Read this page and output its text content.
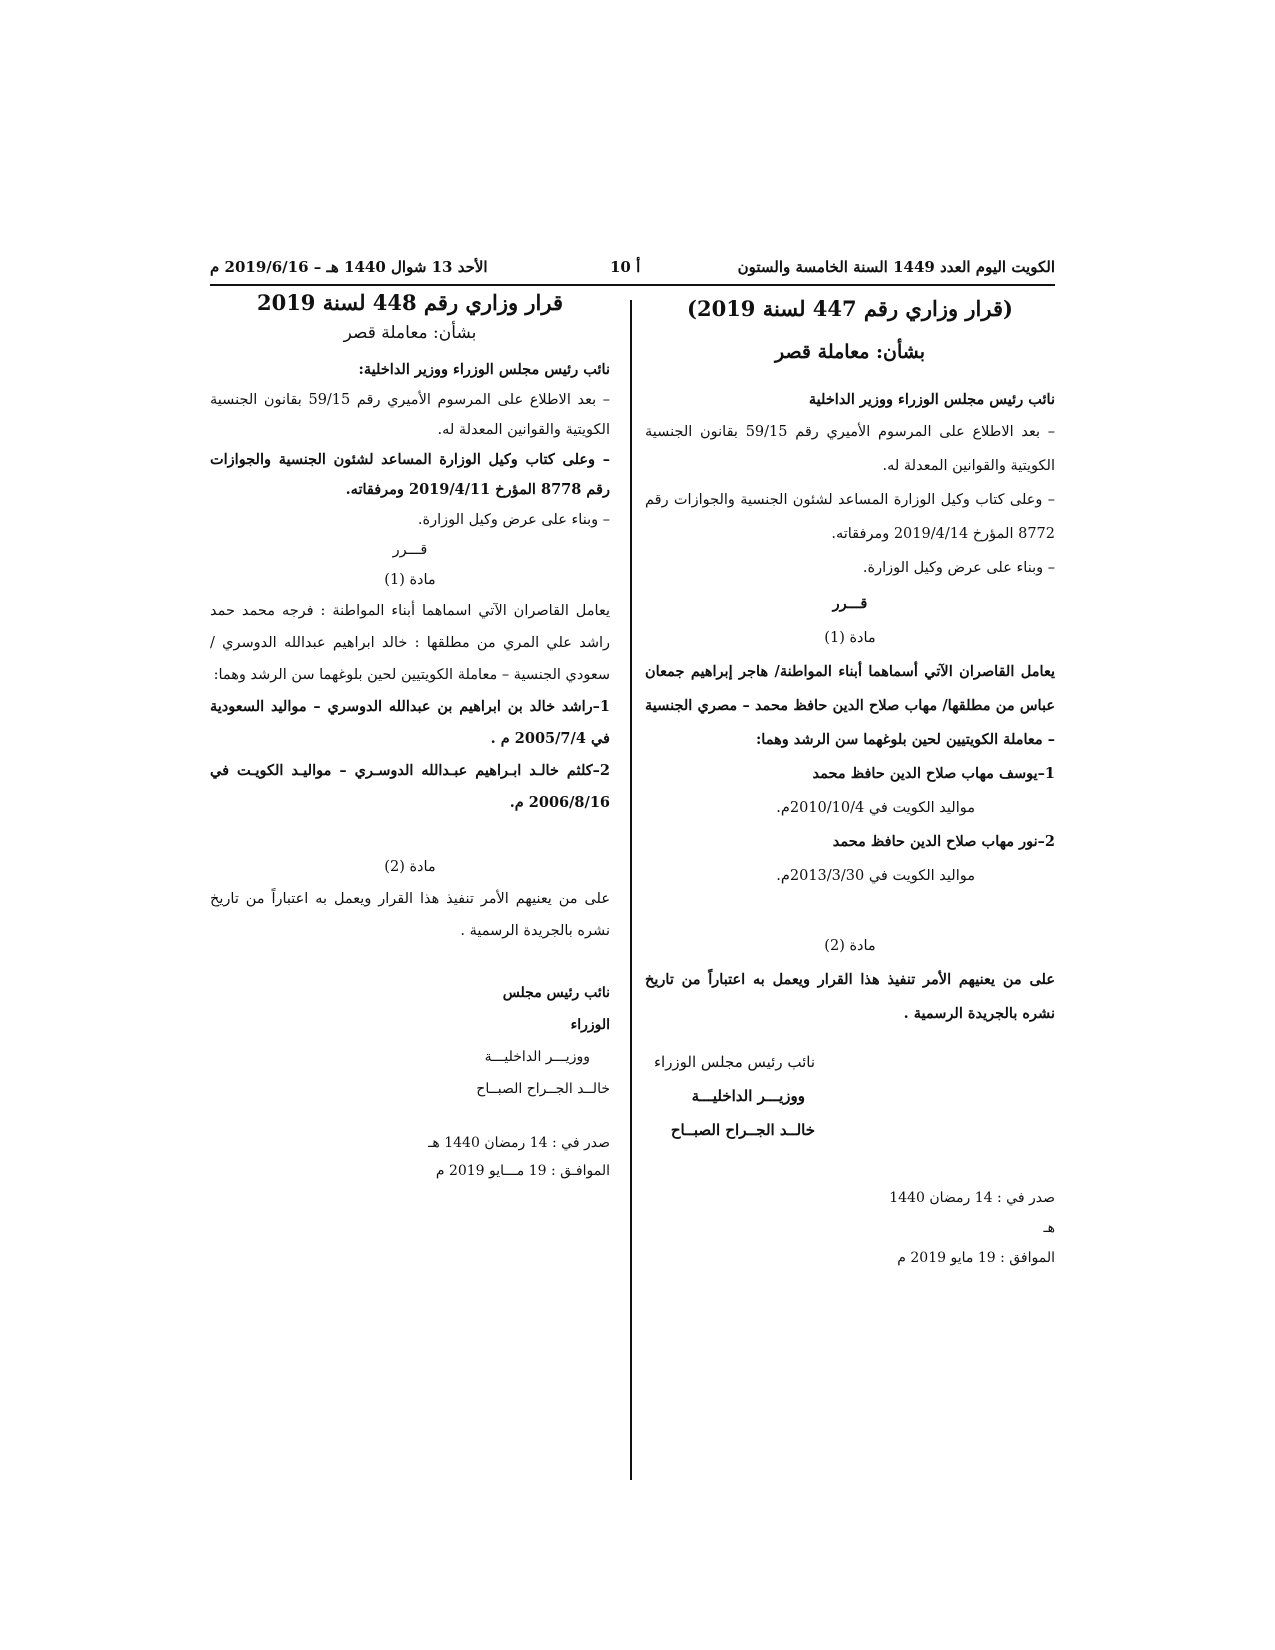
الكويت اليوم العدد 1449 السنة الخامسة والستون
أ 10
الأحد 13 شوال 1440 هـ – 2019/6/16 م

(قرار وزاري رقم 447 لسنة 2019)

بشأن: معاملة قصر

نائب رئيس مجلس الوزراء ووزير الداخلية

– بعد الاطلاع على المرسوم الأميري رقم 59/15 بقانون الجنسية الكويتية والقوانين المعدلة له.

– وعلى كتاب وكيل الوزارة المساعد لشئون الجنسية والجوازات رقم 8772 المؤرخ 2019/4/14 ومرفقاته.

– وبناء على عرض وكيل الوزارة.

قـــرر

مادة (1)

يعامل القاصران الآتي أسماهما أبناء المواطنة/ هاجر إبراهيم جمعان عباس من مطلقها/ مهاب صلاح الدين حافظ محمد – مصري الجنسية – معاملة الكويتيين لحين بلوغهما سن الرشد وهما:

1–يوسف مهاب صلاح الدين حافظ محمد

مواليد الكويت في 2010/10/4م.

2–نور مهاب صلاح الدين حافظ محمد

مواليد الكويت في 2013/3/30م.

مادة (2)

على من يعنيهم الأمر تنفيذ هذا القرار ويعمل به اعتباراً من تاريخ نشره بالجريدة الرسمية .

نائب رئيس مجلس الوزراء

ووزيـــر الداخليـــة

خالــد الجــراح الصبــاح

صدر في : 14 رمضان 1440 هـ

الموافق : 19 مايو 2019 م

قرار وزاري رقم 448 لسنة 2019

بشأن: معاملة قصر

نائب رئيس مجلس الوزراء ووزير الداخلية:

– بعد الاطلاع على المرسوم الأميري رقم 59/15 بقانون الجنسية الكويتية والقوانين المعدلة له.

– وعلى كتاب وكيل الوزارة المساعد لشئون الجنسية والجوازات رقم 8778 المؤرخ 2019/4/11 ومرفقاته.

– وبناء على عرض وكيل الوزارة.

قـــرر

مادة (1)

يعامل القاصران الآتي اسماهما أبناء المواطنة : فرجه محمد حمد راشد علي المري من مطلقها : خالد ابراهيم عبدالله الدوسري / سعودي الجنسية – معاملة الكويتيين لحين بلوغهما سن الرشد وهما:

1–راشد خالد بن ابراهيم بن عبدالله الدوسري – مواليد السعودية في 2005/7/4 م .

2–كلثم خالـد ابـراهيم عبـدالله الدوسـري – مواليـد الكويـت في 2006/8/16 م.

مادة (2)

على من يعنيهم الأمر تنفيذ هذا القرار ويعمل به اعتباراً من تاريخ نشره بالجريدة الرسمية .

نائب رئيس مجلس الوزراء

ووزيـــر الداخليـــة

خالــد الجــراح الصبــاح

صدر في : 14 رمضان 1440 هـ

الموافـق : 19 مـــايو 2019 م
